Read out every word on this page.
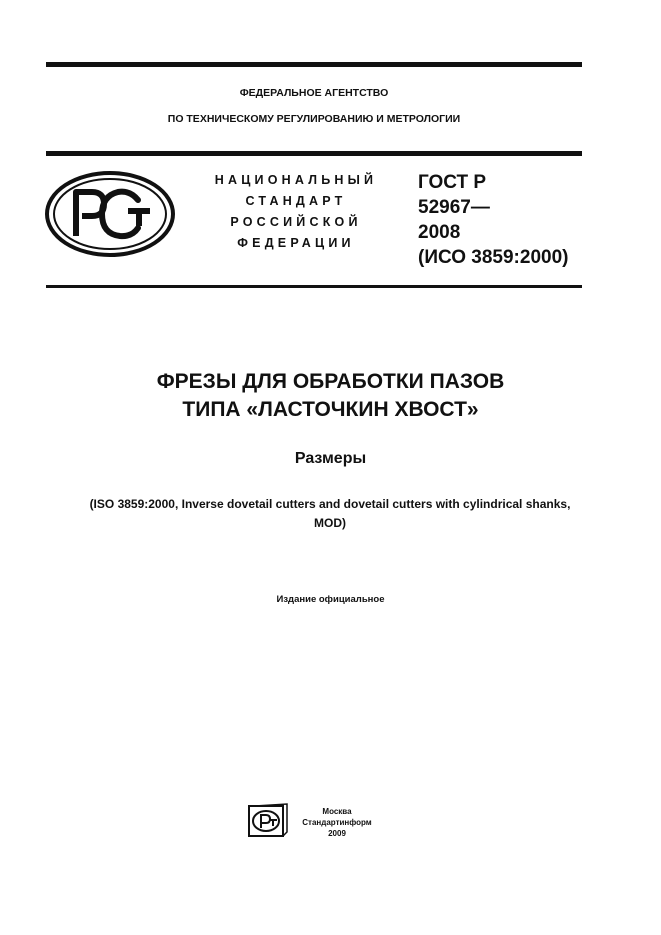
ФЕДЕРАЛЬНОЕ АГЕНТСТВО
ПО ТЕХНИЧЕСКОМУ РЕГУЛИРОВАНИЮ И МЕТРОЛОГИИ
НАЦИОНАЛЬНЫЙ
СТАНДАРТ
РОССИЙСКОЙ
ФЕДЕРАЦИИ
ГОСТ Р
52967—
2008
(ИСО 3859:2000)
ФРЕЗЫ ДЛЯ ОБРАБОТКИ ПАЗОВ
ТИПА «ЛАСТОЧКИН ХВОСТ»
Размеры
(ISO 3859:2000, Inverse dovetail cutters and dovetail cutters with cylindrical shanks,
MOD)
Издание официальное
Москва
Стандартинформ
2009
